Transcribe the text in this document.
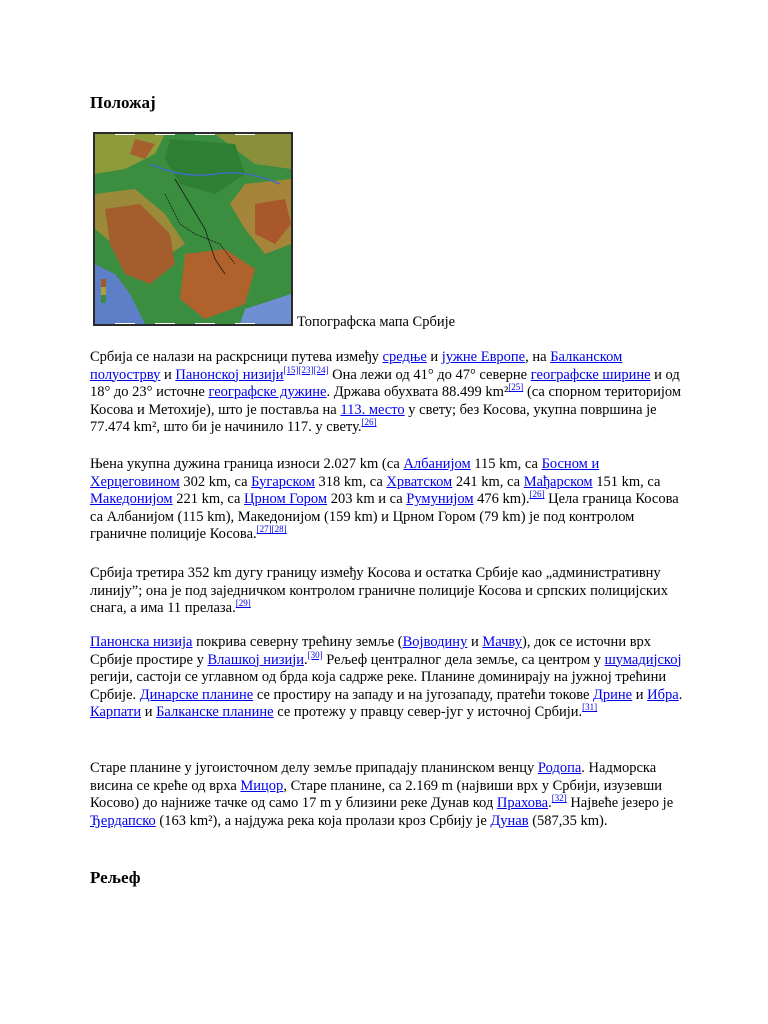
Положај
Топографска мапа Србије

Србија се налази на раскрсници путева између средње и јужне Европе, на Балканском полуострву и Панонској низији[15][23][24] Она лежи од 41° до 47° северне географске ширине и од 18° до 23° источне географске дужине. Држава обухвата 88.499 km²[25] (са спорном територијом Косова и Метохије), што је поставља на 113. место у свету; без Косова, укупна површина је 77.474 km², што би је начинило 117. у свету.[26]

Њена укупна дужина граница износи 2.027 km (са Албанијом 115 km, са Босном и Херцеговином 302 km, са Бугарском 318 km, са Хрватском 241 km, са Мађарском 151 km, са Македонијом 221 km, са Црном Гором 203 km и са Румунијом 476 km).[26] Цела граница Косова са Албанијом (115 km), Македонијом (159 km) и Црном Гором (79 km) је под контролом граничне полиције Косова.[27][28]

Србија третира 352 km дугу границу између Косова и остатка Србије као „административну линију”; она је под заједничком контролом граничне полиције Косова и српских полицијских снага, а има 11 прелаза.[29]

Панонска низија покрива северну трећину земље (Војводину и Мачву), док се источни врх Србије простире у Влашкој низији.[30] Рељеф централног дела земље, са центром у шумадијској регији, састоји се углавном од брда која садрже реке. Планине доминирају на јужној трећини Србије. Динарске планине се простиру на западу и на југозападу, пратећи токове Дрине и Ибра. Карпати и Балканске планине се протежу у правцу север-југ у источној Србији.[31]

Старе планине у југоисточном делу земље припадају планинском венцу Родопа. Надморска висина се креће од врха Мицор, Старе планине, са 2.169 m (највиши врх у Србији, изузевши Косово) до најниже тачке од само 17 m у близини реке Дунав код Прахова.[32] Највеће језеро је Ђердапско (163 km²), а најдужа река која пролази кроз Србију је Дунав (587,35 km).

Рељеф
